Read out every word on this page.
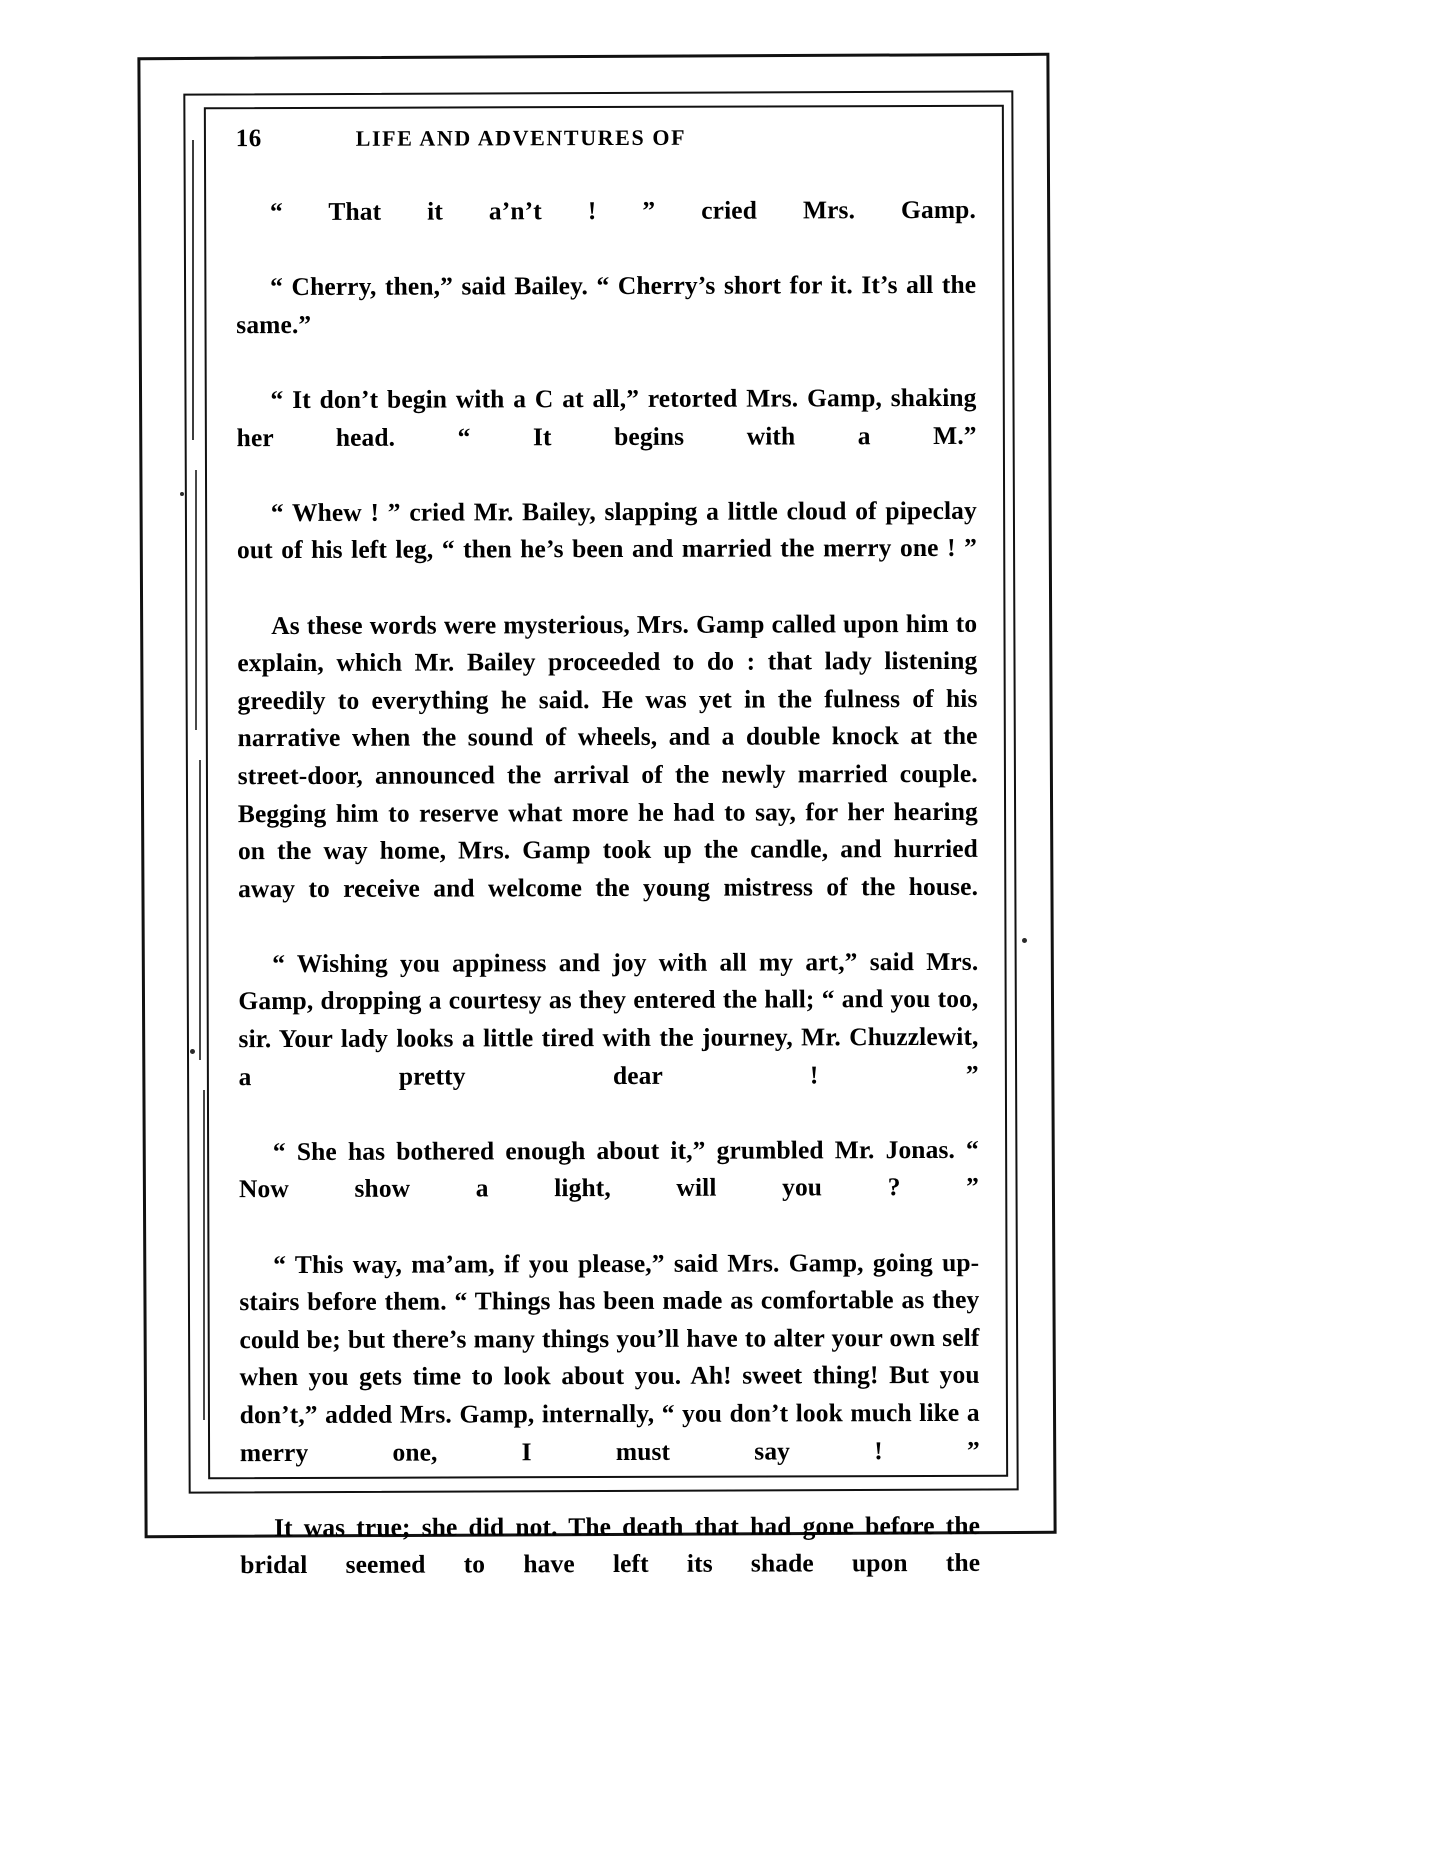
16	LIFE AND ADVENTURES OF

“ That it a’n’t ! ” cried Mrs. Gamp.

“ Cherry, then,” said Bailey. “ Cherry’s short for it. It’s all the same.”

“ It don’t begin with a C at all,” retorted Mrs. Gamp, shaking her head. “ It begins with a M.”

“ Whew ! ” cried Mr. Bailey, slapping a little cloud of pipeclay out of his left leg, “ then he’s been and married the merry one ! ”

As these words were mysterious, Mrs. Gamp called upon him to explain, which Mr. Bailey proceeded to do : that lady listening greedily to everything he said. He was yet in the fulness of his narrative when the sound of wheels, and a double knock at the street-door, announced the arrival of the newly married couple. Begging him to reserve what more he had to say, for her hearing on the way home, Mrs. Gamp took up the candle, and hurried away to receive and welcome the young mistress of the house.

“ Wishing you appiness and joy with all my art,” said Mrs. Gamp, dropping a courtesy as they entered the hall; “ and you too, sir. Your lady looks a little tired with the journey, Mr. Chuzzlewit, a pretty dear ! ”

“ She has bothered enough about it,” grumbled Mr. Jonas. “ Now show a light, will you ? ”

“ This way, ma’am, if you please,” said Mrs. Gamp, going up-stairs before them. “ Things has been made as comfortable as they could be; but there’s many things you’ll have to alter your own self when you gets time to look about you. Ah! sweet thing! But you don’t,” added Mrs. Gamp, internally, “ you don’t look much like a merry one, I must say ! ”

It was true; she did not. The death that had gone before the bridal seemed to have left its shade upon the
